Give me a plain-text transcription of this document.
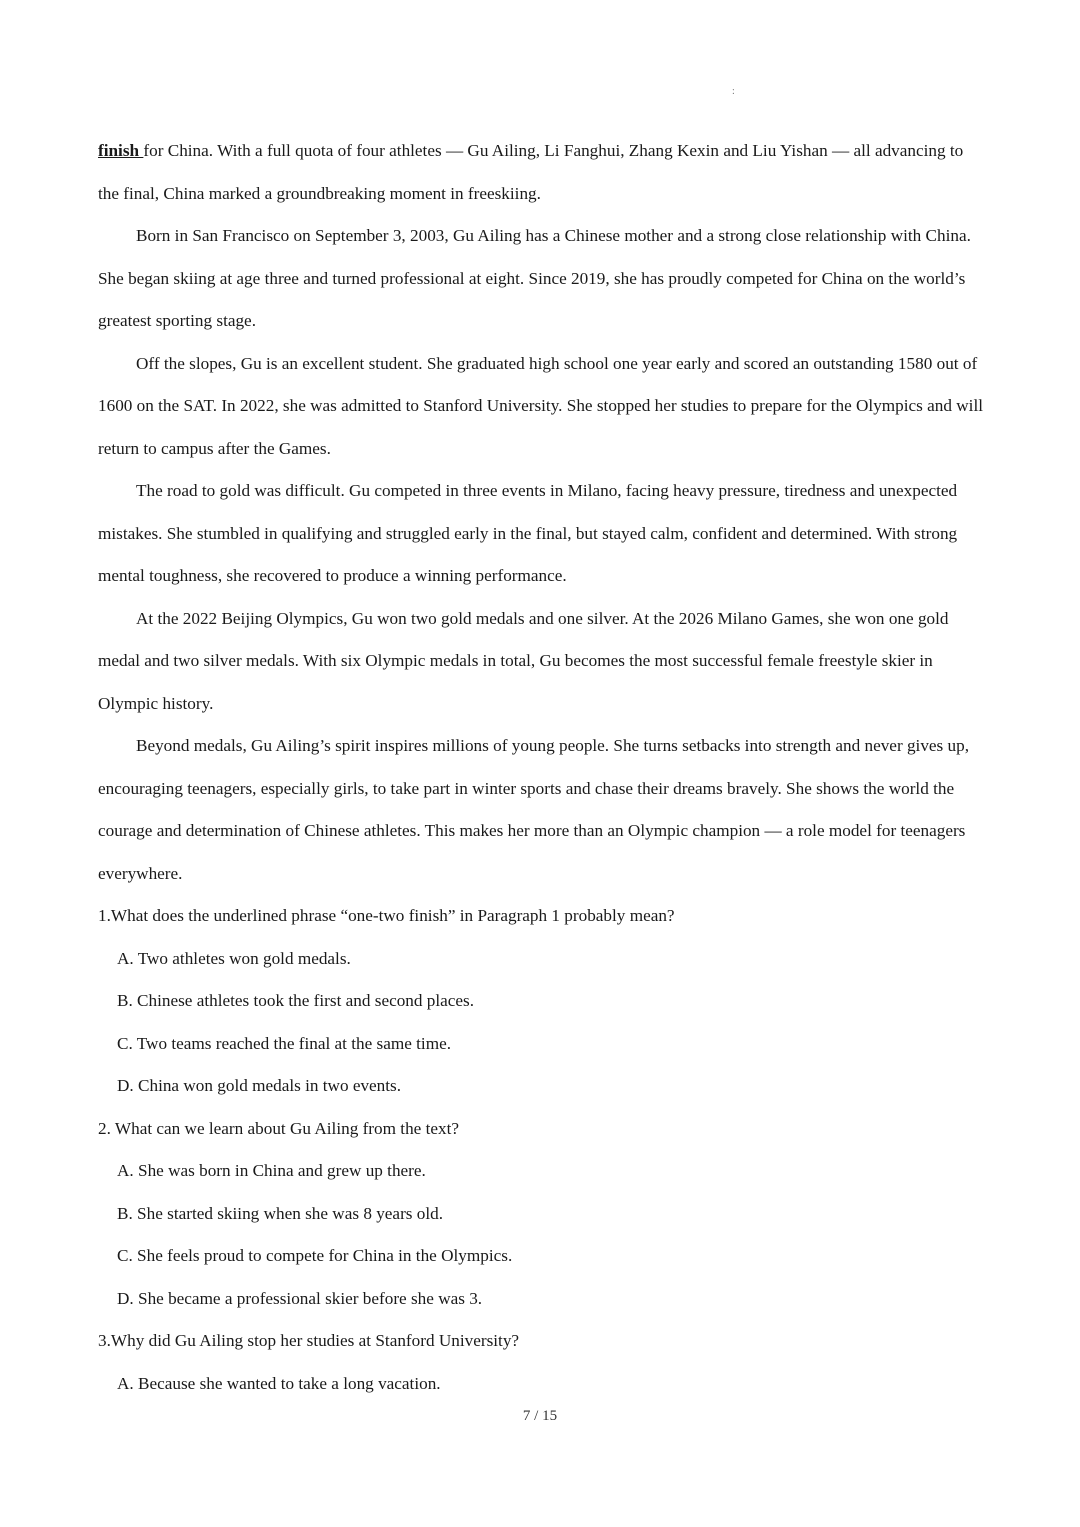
:

finish for China. With a full quota of four athletes — Gu Ailing, Li Fanghui, Zhang Kexin and Liu Yishan — all advancing to the final, China marked a groundbreaking moment in freeskiing.

Born in San Francisco on September 3, 2003, Gu Ailing has a Chinese mother and a strong close relationship with China. She began skiing at age three and turned professional at eight. Since 2019, she has proudly competed for China on the world’s greatest sporting stage.

Off the slopes, Gu is an excellent student. She graduated high school one year early and scored an outstanding 1580 out of 1600 on the SAT. In 2022, she was admitted to Stanford University. She stopped her studies to prepare for the Olympics and will return to campus after the Games.

The road to gold was difficult. Gu competed in three events in Milano, facing heavy pressure, tiredness and unexpected mistakes. She stumbled in qualifying and struggled early in the final, but stayed calm, confident and determined. With strong mental toughness, she recovered to produce a winning performance.

At the 2022 Beijing Olympics, Gu won two gold medals and one silver. At the 2026 Milano Games, she won one gold medal and two silver medals. With six Olympic medals in total, Gu becomes the most successful female freestyle skier in Olympic history.

Beyond medals, Gu Ailing’s spirit inspires millions of young people. She turns setbacks into strength and never gives up, encouraging teenagers, especially girls, to take part in winter sports and chase their dreams bravely. She shows the world the courage and determination of Chinese athletes. This makes her more than an Olympic champion — a role model for teenagers everywhere.

1.What does the underlined phrase “one-two finish” in Paragraph 1 probably mean?

A. Two athletes won gold medals.

B. Chinese athletes took the first and second places.

C. Two teams reached the final at the same time.

D. China won gold medals in two events.

2. What can we learn about Gu Ailing from the text?

A. She was born in China and grew up there.

B. She started skiing when she was 8 years old.

C. She feels proud to compete for China in the Olympics.

D. She became a professional skier before she was 3.

3.Why did Gu Ailing stop her studies at Stanford University?

A. Because she wanted to take a long vacation.

7 / 15
